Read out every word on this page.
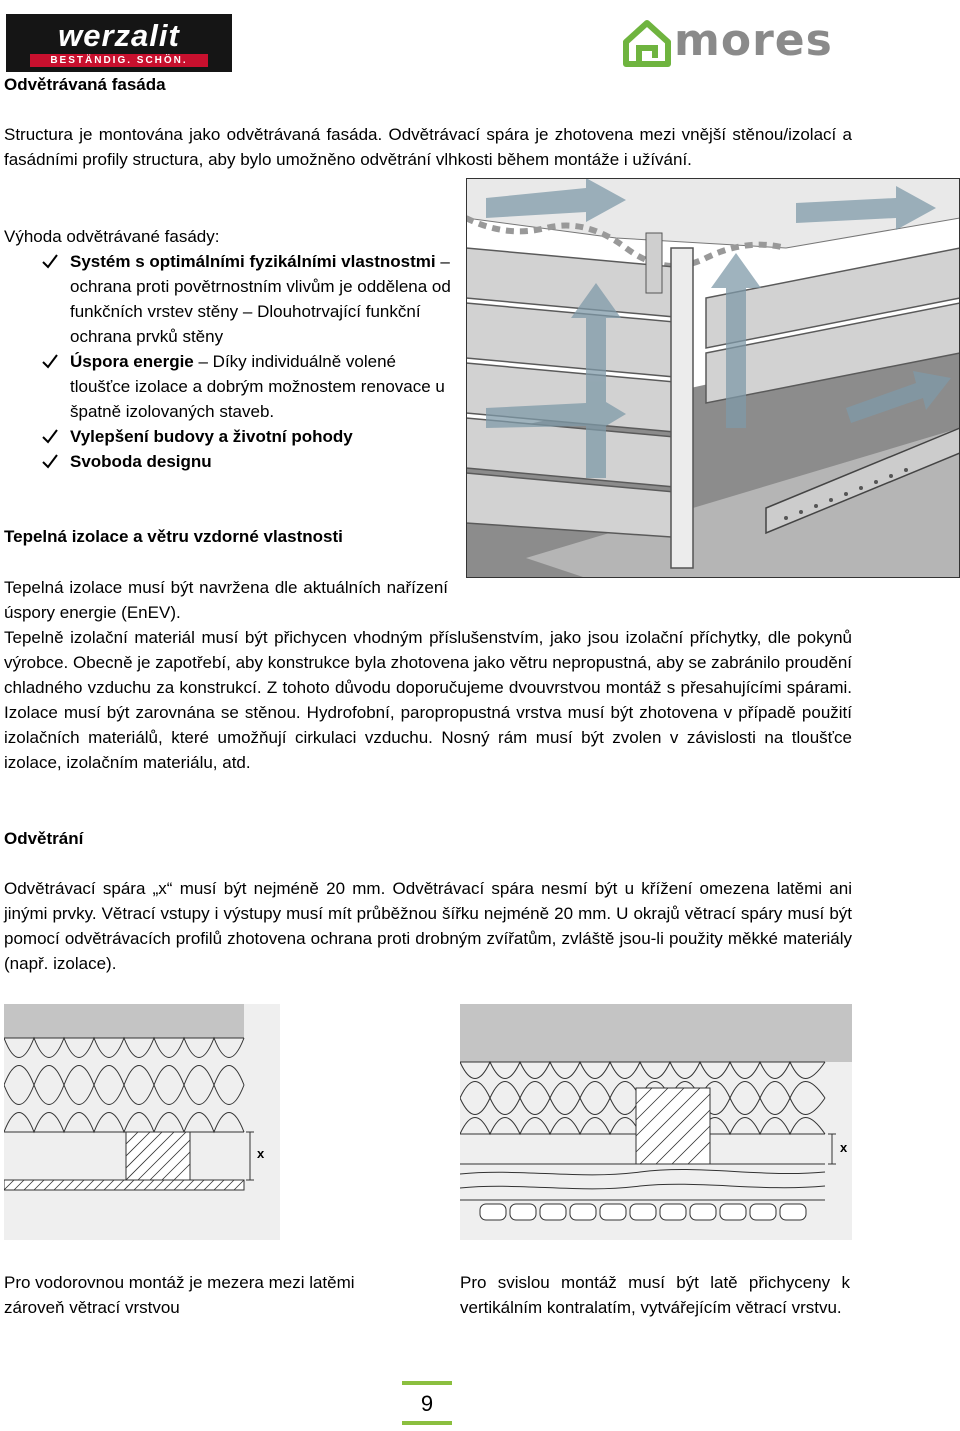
werzalit
BESTÄNDIG. SCHÖN.	mores
Odvětrávaná fasáda
Structura je montována jako odvětrávaná fasáda. Odvětrávací spára je zhotovena mezi vnější stěnou/izolací a fasádními profily structura, aby bylo umožněno odvětrání vlhkosti během montáže i užívání.
Výhoda odvětrávané fasády:
Systém s optimálními fyzikálními vlastnostmi – ochrana proti povětrnostním vlivům je oddělena od funkčních vrstev stěny – Dlouhotrvající funkční ochrana prvků stěny
Úspora energie – Díky individuálně volené tloušťce izolace a dobrým možnostem renovace u špatně izolovaných staveb.
Vylepšení budovy a životní pohody
Svoboda designu
Tepelná izolace a větru vzdorné vlastnosti
Tepelná izolace musí být navržena dle aktuálních nařízení úspory energie (EnEV).
Tepelně izolační materiál musí být přichycen vhodným příslušenstvím, jako jsou izolační příchytky, dle pokynů výrobce. Obecně je zapotřebí, aby konstrukce byla zhotovena jako větru nepropustná, aby se zabránilo proudění chladného vzduchu za konstrukcí. Z tohoto důvodu doporučujeme dvouvrstvou montáž s přesahujícími spárami. Izolace musí být zarovnána se stěnou. Hydrofobní, paropropustná vrstva musí být zhotovena v případě použití izolačních materiálů, které umožňují cirkulaci vzduchu. Nosný rám musí být zvolen v závislosti na tloušťce izolace, izolačním materiálu, atd.
Odvětrání
Odvětrávací spára „x“ musí být nejméně 20 mm. Odvětrávací spára nesmí být u křížení omezena latěmi ani jinými prvky. Větrací vstupy i výstupy musí mít průběžnou šířku nejméně 20 mm. U okrajů větrací spáry musí být pomocí odvětrávacích profilů zhotovena ochrana proti drobným zvířatům, zvláště jsou-li použity měkké materiály (např. izolace).
x	x
Pro vodorovnou montáž je mezera mezi latěmi zároveň větrací vrstvou
Pro svislou montáž musí být latě přichyceny k vertikálním kontralatím, vytvářejícím větrací vrstvu.
9
